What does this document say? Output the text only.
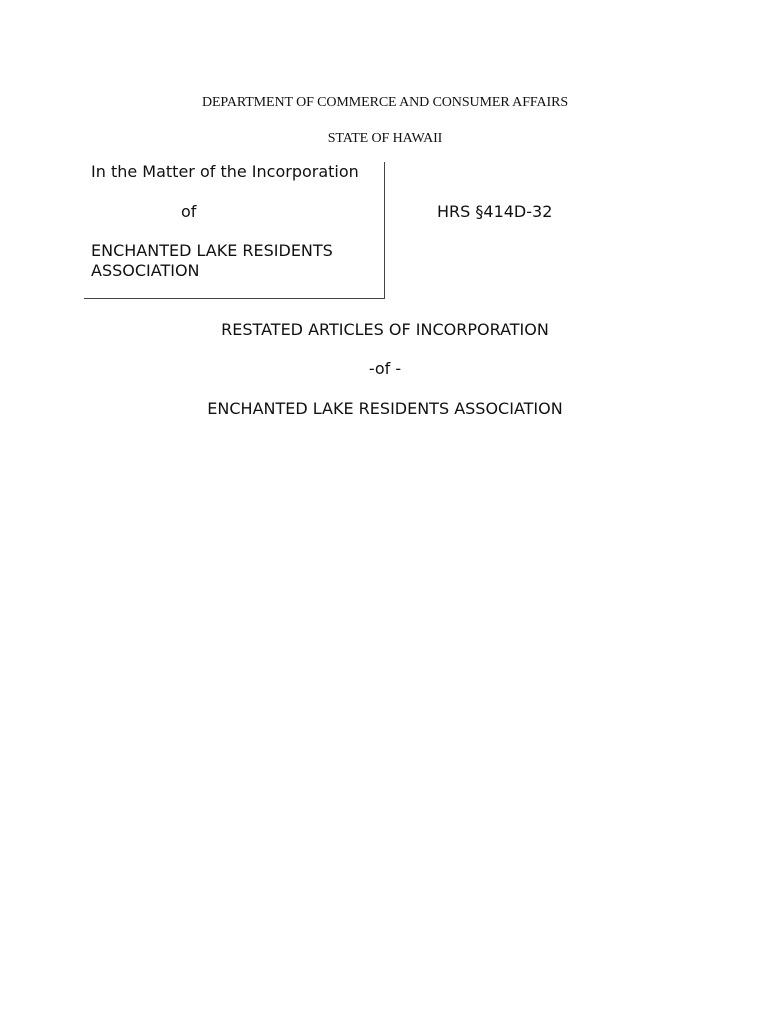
DEPARTMENT OF COMMERCE AND CONSUMER AFFAIRS
STATE OF HAWAII
In the Matter of the Incorporation
of
ENCHANTED LAKE RESIDENTS
ASSOCIATION
HRS §414D-32
RESTATED ARTICLES OF INCORPORATION
-of -
ENCHANTED LAKE RESIDENTS ASSOCIATION
